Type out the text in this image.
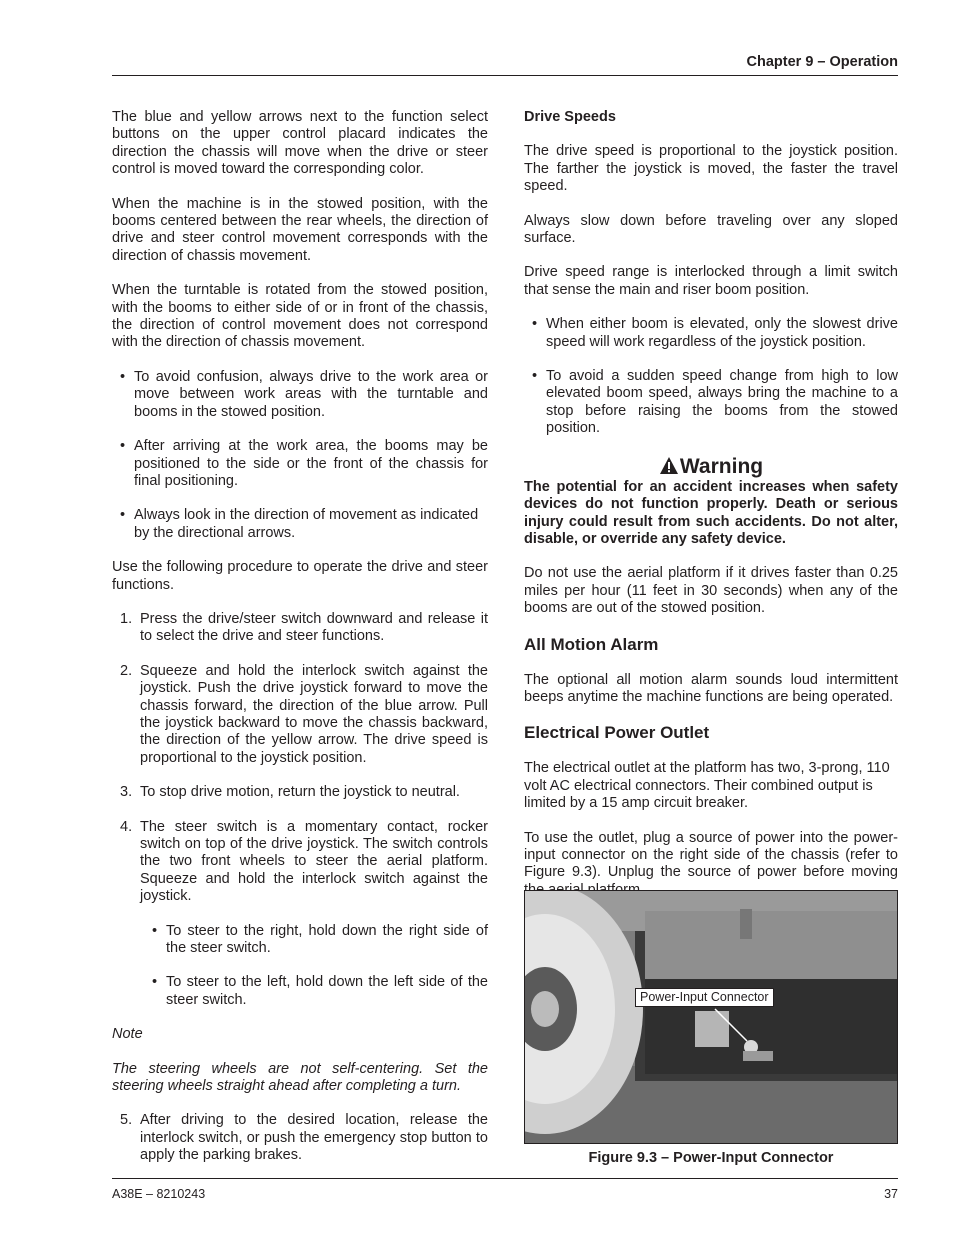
Chapter 9 – Operation

The blue and yellow arrows next to the function select buttons on the upper control placard indicates the direction the chassis will move when the drive or steer control is moved toward the corresponding color.

When the machine is in the stowed position, with the booms centered between the rear wheels, the direction of drive and steer control movement corresponds with the direction of chassis movement.

When the turntable is rotated from the stowed position, with the booms to either side of or in front of the chassis, the direction of control movement does not correspond with the direction of chassis movement.

• To avoid confusion, always drive to the work area or move between work areas with the turntable and booms in the stowed position.
• After arriving at the work area, the booms may be positioned to the side or the front of the chassis for final positioning.
• Always look in the direction of movement as indicated by the directional arrows.

Use the following procedure to operate the drive and steer functions.

1. Press the drive/steer switch downward and release it to select the drive and steer functions.
2. Squeeze and hold the interlock switch against the joystick. Push the drive joystick forward to move the chassis forward, the direction of the blue arrow. Pull the joystick backward to move the chassis backward, the direction of the yellow arrow. The drive speed is proportional to the joystick position.
3. To stop drive motion, return the joystick to neutral.
4. The steer switch is a momentary contact, rocker switch on top of the drive joystick. The switch controls the two front wheels to steer the aerial platform. Squeeze and hold the interlock switch against the joystick.
• To steer to the right, hold down the right side of the steer switch.
• To steer to the left, hold down the left side of the steer switch.

Note

The steering wheels are not self-centering. Set the steering wheels straight ahead after completing a turn.

5. After driving to the desired location, release the interlock switch, or push the emergency stop button to apply the parking brakes.

Drive Speeds

The drive speed is proportional to the joystick position. The farther the joystick is moved, the faster the travel speed.

Always slow down before traveling over any sloped surface.

Drive speed range is interlocked through a limit switch that sense the main and riser boom position.

• When either boom is elevated, only the slowest drive speed will work regardless of the joystick position.
• To avoid a sudden speed change from high to low elevated boom speed, always bring the machine to a stop before raising the booms from the stowed position.
Warning

The potential for an accident increases when safety devices do not function properly. Death or serious injury could result from such accidents. Do not alter, disable, or override any safety device.

Do not use the aerial platform if it drives faster than 0.25 miles per hour (11 feet in 30 seconds) when any of the booms are out of the stowed position.

All Motion Alarm

The optional all motion alarm sounds loud intermittent beeps anytime the machine functions are being operated.

Electrical Power Outlet

The electrical outlet at the platform has two, 3-prong, 110 volt AC electrical connectors. Their combined output is limited by a 15 amp circuit breaker.

To use the outlet, plug a source of power into the power-input connector on the right side of the chassis (refer to Figure 9.3). Unplug the source of power before moving

Power-Input Connector
Figure 9.3 – Power-Input Connector
A38E – 8210243	37
